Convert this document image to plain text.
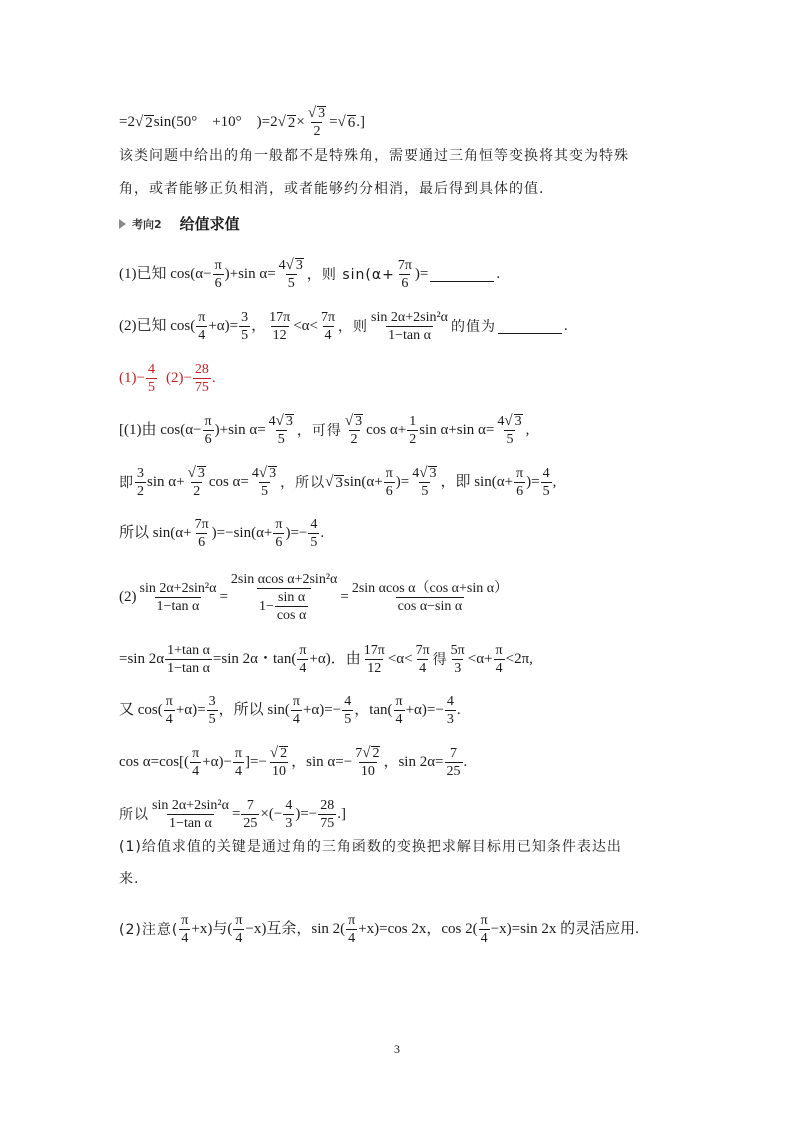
=2 √ 2 sin(50°　+10°　)=2 √ $2 \times \frac{√ 3}{2}$ = √ 6 .]
该类问题中给出的角一般都不是特殊角，需要通过三角恒等变换将其变为特殊
角，或者能够正负相消，或者能够约分相消，最后得到具体的值.
考向2 给值求值
(1)已知 $\cos(\alpha- \frac{\pi}{6} )+\sin$ $\alpha= \frac{4√ 3}{5}$ ，则 $\sin(\alpha+ \frac{7\pi}{6}$ )=	.
(2)已知 $\cos( \frac{\pi}{4} +\alpha)= \frac{3}{5}$ ， $\frac{17\pi}{12} <\alpha< \frac{7\pi}{4}$ ，则 $\frac{\text{sin 2α+2sin²α}}{\text{1−tan α}}$ 的值为	.
$(1)- \frac{4}{5} (2)- \frac{28}{75}$ .
[(1)由 $\cos(\alpha- \frac{\pi}{6} )+\sin$ $\alpha= \frac{4√ 3}{5}$ ，可得 $\frac{√ 3}{2}$ $\cos \alpha+ \frac{1}{2}$ sin α+sin $\alpha= \frac{4√ 3}{5}$ ,
即 $\frac{3}{2}$ $\sin \alpha+ \frac{√ 3}{2}$ $\cos \alpha= \frac{4√ 3}{5}$ ，所以 √ 3 $\sin(\alpha+ \frac{\pi}{6}$ )= $\frac{4√ 3}{5}$ ，即 $\sin(\alpha+ \frac{\pi}{6}$ )= $\frac{4}{5}$ ,
所以 $\sin(\alpha+ \frac{7\pi}{6} )=-\sin(\alpha+ \frac{\pi}{6}$ )=− $\frac{4}{5}$ .
$(2) \frac{\text{sin 2α+2sin²α}}{\text{1−tan α}} = \frac{\text{2sin αcos α+2sin²α}}{1- \frac{\text{sin α}}{\text{cos α}}} = \frac{\text{2sin αcos α（cos α+sin α）}}{\text{cos α−sin α}}$
=sin $2\alpha \frac{\text{1+tan α}}{\text{1−tan α}} =\sin$ 2α・$\tan( \frac{\pi}{4} +\alpha)$．由 $\frac{17\pi}{12} <\alpha< \frac{7\pi}{4}$ 得 $\frac{5\pi}{3} <\alpha+ \frac{\pi}{4} <2\pi$,
又 $\cos( \frac{\pi}{4} +\alpha)= \frac{3}{5}$ ，所以 $\sin( \frac{\pi}{4} +\alpha)=- \frac{4}{5}$ ，$\tan( \frac{\pi}{4} +\alpha)=- \frac{4}{3}$ .
$\cos \alpha=\cos[( \frac{\pi}{4} +\alpha)- \frac{\pi}{4}$ ]=− $\frac{√ 2}{10}$ ，$\sin \alpha=- \frac{7√ 2}{10}$ ，$\sin 2\alpha= \frac{7}{25}$ .
所以 $\frac{\text{sin 2α+2sin²α}}{\text{1−tan α}} = \frac{7}{25}$ ×(− $\frac{4}{3}$ )=− $\frac{28}{75}$ .]
(1)给值求值的关键是通过角的三角函数的变换把求解目标用已知条件表达出
来.
(2)注意( $\frac{\pi}{4} +x$)与( $\frac{\pi}{4} -x$)互余，$\sin 2( \frac{\pi}{4} +x)=\cos$ 2x，$\cos 2( \frac{\pi}{4} -x)=\sin$ 2x 的灵活应用.
3
